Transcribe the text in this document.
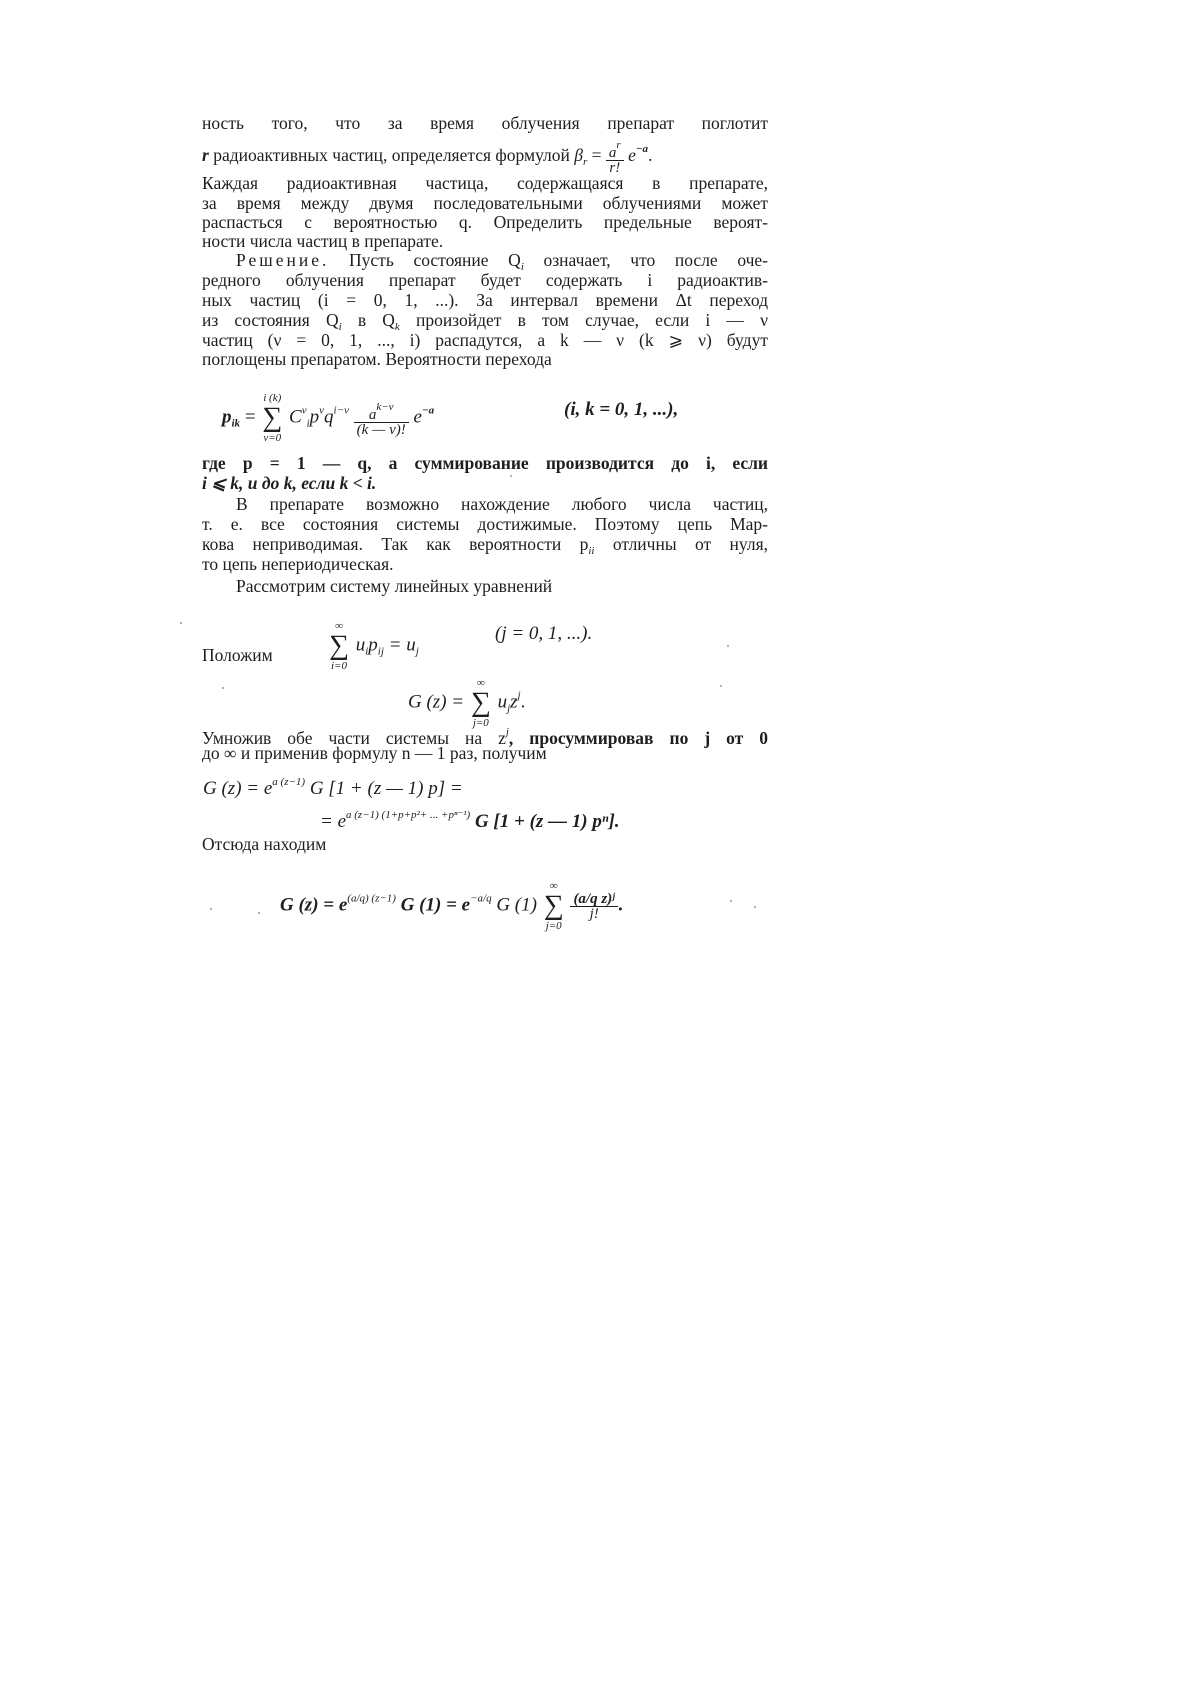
ность того, что за время облучения препарат поглотит
r радиоактивных частиц, определяется формулой $\beta_r = \frac{a^r}{r!} e^{-a}$.
Каждая радиоактивная частица, содержащаяся в препарате,
за время между двумя последовательными облучениями может
распасться с вероятностью q. Определить предельные вероят-
ности числа частиц в препарате.
Решение. Пусть состояние $Q_i$ означает, что после оче-
редного облучения препарат будет содержать i радиоактив-
ных частиц (i = 0, 1, ...). За интервал времени Δt переход
из состояния $Q_i$ в $Q_k$ произойдет в том случае, если i — ν
частиц (ν = 0, 1, ..., i) распадутся, а k — ν (k ⩾ ν) будут
поглощены препаратом. Вероятности перехода
$p_{ik}$ =
i (k)
∑
ν=0
$C^\nu_ip^\nu q^{i-\nu} \frac{a^{k-\nu}}{(k — \nu)!} e^{-a}$	(i, k = 0, 1, ...),
где p = 1 — q, а суммирование производится до i, если
i ⩽ k, и до k, если k < i.
В препарате возможно нахождение любого числа частиц,
т. е. все состояния системы достижимые. Поэтому цепь Мар-
кова неприводимая. Так как вероятности $p_{ii}$ отличны от нуля,
то цепь непериодическая.
Рассмотрим систему линейных уравнений
∞
∑
i=0
$u_ip_{ij} = u_j$
(j = 0, 1, ...).
Положим
G (z) =
∞
∑
j=0
$u_jz^j$.
Умножив обе части системы на $z^j$, просуммировав по j от 0
до ∞ и применив формулу n — 1 раз, получим
G $(z) = e^{a (z-1)}$ G [1 + (z — 1) p] =
= $e^{a (z-1) (1+p+p^2+ ... +p^{n-1})}$ G [1 + (z — 1) pⁿ].
Отсюда находим
G $(z) = e^{(a/q) (z-1)}$ G $(1) = e^{-a/q}$ G (1)
∞
∑
j=0

$\frac{\text{(a/q z)ʲ}}{j!}$ .
